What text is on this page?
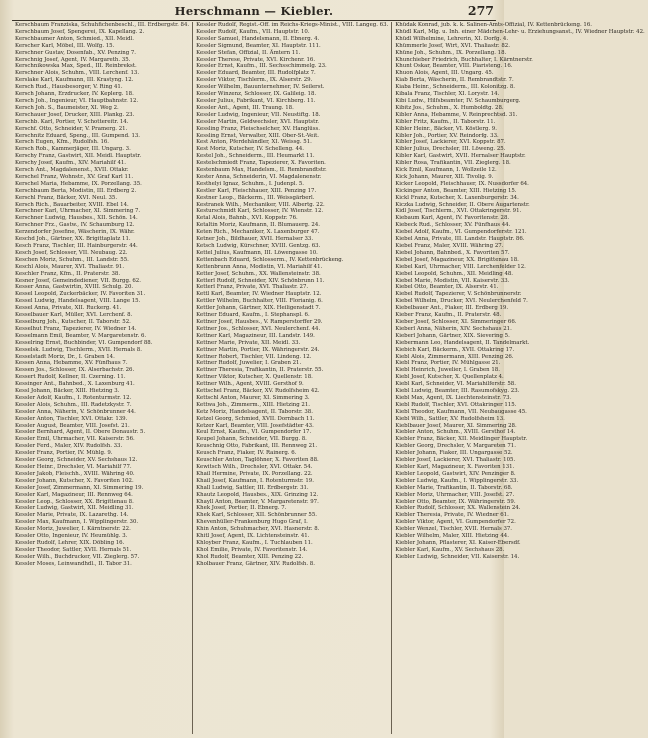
Herschmann — Kiebler.	277

Kerschbaum Franziska, Schuhfichenbeschl., III. Erdbergstr. 84.

Kerschbaum Josef, Spengerei, IX. Kapellang. 2.

Kerschbaumer Anton, Schmied., XII. Meidl.

Kerscher Karl, Möbel, III. Wolfg. 15.

Kerschner Gustav, Dosenfab., XV. Penzing 7.

Kerschnig Josef, Agent, IV. Margareth. 35.

Kerschnikowska Max, Sped., III. Reinbrekst.

Kerschner Alois, Schuhm., VIII. Lerchenf. 13.

Kerslake Karl, Kaufmann, III. Krastyng. 12.

Kersch Rud., Hausbesorger, V. Ring 41.

Kersch Johann, Erzdrucker, IV. Keplerg. 18.

Kersch Joh., Ingenieur, VI. Hauptbahnstr. 12.

Kersch Joh. S., Baumeister, XI. Weg 2.

Kerschauer Josef, Drucker, XIII. Plankg. 23.

Kerschb. Karl, Portier, V. Schottereitr. 14.

Kerschf. Otto, Schneider, V. Pramerg. 21.

Kerschnitz Eduard, Speng., III. Gumpend. 13.

Kersch Eugen, Kfm., Rudolfsh. 16.

Kersch Rob., Kammerjäger, III. Ungarg. 3.

Kerschy Franz, Gastwirt, XII. Meidl. Hauptstr.

Kerschy Josef, Kaufm., XIV. Mariahilf 41.

Kersch Ant., Magdalenenst., XVII. Ottakr.

Kerschel Franz, Wohnstr., XV. Graf Karl 11.

Kerschel Maria, Hebamme, IX. Porzellang. 35.

Kerschbaum Berta, Modistin, III. Erdberg 2.

Kerschl Franz, Bäcker, XVI. Neul. 35.

Kersch Rich., Bauarbeiter, XVIII. Ebel 14.

Kerschner Karl, Uhrmacher, XI. Simmering 7.

Kerschner Ludwig, Hausbes., XII. Schön. 14.

Kerschner Frz., Gastw., IV. Schaumburg 12.

Kerzendorfer Josefine, Wäscherin, IX. Währ.

Keschd Joh., Gärtner, XX. Brigittaplatz 11.

Kesch Franz, Tischler, III. Hainburgerstr. 44.

Kesch Josef, Schlosser, VII. Neubaug. 22.

Keschen Moriz, Schuhm., III. Landstr. 55.

Keschl Alois, Maurer, XVI. Thaliastr. 91.

Keschler Franz, Kfm., II. Praterstr. 38.

Kesner Josef, Gemeindediener, VII. Burgg. 62.

Kesser Anna, Gastwirtin, XVIII. Schulg. 20.

Kessel Leopold, Zuckerbäcker, IV. Favoriten 31.

Kessel Ludwig, Handelsagent, VIII. Lange 15.

Kessel Anna, Private, XII. Ruckerg. 41.

Kesselbauer Karl, Müller, XVI. Lerchenf. 8.

Kesselburg Joh., Kutscher, II. Taborstr. 52.

Kesselhut Franz, Tapezierer, IV. Wiedner 14.

Kesselmann Emil, Beamter, V. Margaretenstr. 6.

Kesselring Ernst, Buchbinder, VI. Gumpendorf 88.

Kesselsk. Ludwig, Tischlerm., XVII. Hernals 8.

Kesselstadt Moriz, Dr., I. Graben 14.

Kessen Anna, Hebamme, XV. Fünfhaus 7.

Kessen Jos., Schlosser, IX. Alserbachstr. 26.

Kessert Rudolf, Kellner, II. Czerning. 11.

Kessinger Ant., Bahnbed., X. Laxenburg 41.

Kessl Johann, Bäcker, XIII. Hietzing 3.

Kessler Adolf, Kaufm., I. Rotenturmstr. 12.

Kessler Alois, Schuhm., III. Radetzkystr. 7.

Kessler Anna, Näherin, V. Schönbrunner 44.

Kessler Anton, Tischler, XVI. Ottakr. 139.

Kessler August, Beamter, VIII. Josefst. 21.

Kessler Bernhard, Agent, II. Obere Donaustr. 5.

Kessler Emil, Uhrmacher, VII. Kaiserstr. 56.

Kessler Ferd., Maler, XIV. Rudolfsh. 33.

Kessler Franz, Portier, IV. Mühlg. 9.

Kessler Georg, Schneider, XV. Sechshaus 12.

Kessler Heinr., Drechsler, VI. Mariahilf 77.

Kessler Jakob, Fleischh., XVIII. Währing 40.

Kessler Johann, Kutscher, X. Favoriten 102.

Kessler Josef, Zimmermann, XI. Simmering 19.

Kessler Karl, Magazineur, III. Rennweg 64.

Kessler Leop., Schlosser, XX. Brigittenau 8.

Kessler Ludwig, Gastwirt, XII. Meidling 31.

Kessler Marie, Private, IX. Lazarethg. 14.

Kessler Max, Kaufmann, I. Wipplingerstr. 30.

Kessler Moriz, Juwelier, I. Kärntnerstr. 22.

Kessler Otto, Ingenieur, IV. Heumühlg. 3.

Kessler Rudolf, Lehrer, XIX. Döbling 16.

Kessler Theodor, Sattler, XVII. Hernals 51.

Kessler Wilh., Buchdrucker, VII. Zieglerg. 57.

Kessler Moses, Leinwandhdl., II. Tabor 31.

Kessler Rudolf, Regist.-Off. im Reichs-Kriegs-Minist., VIII. Langeg. 63.

Kessler Rudolf, Kaufm., VII. Hauptstr. 10.

Kessler Samuel, Handelsmann, II. Ebnerg. 4.

Kessler Sigmund, Beamter, XI. Hauptstr. 111.

Kessler Stefan, Offizial, II. Ämtern 11.

Kessler Therese, Private, XVI. Kirchenr. 16.

Kessler Ernst, Kaufm., III. Sechsschimmelg. 23.

Kessler Eduard, Beamter, III. Rudolfplatz 7.

Kessler Viktor, Tischlerm., IX. Alserstr. 29.

Kessler Wilhelm, Bauunternehmer, IV. Seilerst.

Kessler Winzenz, Schlosser, IX. Galileig. 18.

Kessler Julius, Fabrikant, VI. Kirchberg. 11.

Kessler Ant., Agent, III. Traung. 18.

Kessler Ludwig, Ingenieur, VII. Neustiftg. 18.

Kessler Martin, Geldwechsler, XVI. Hauptstr.

Kessling Franz, Fleischselcher, XV. Hanglüss.

Kessling Ernst, Verwalter, XIII. Ober-St.-Veit.

Kest Anton, Pferdehändler, XI. Weissg. 51.

Kest Moriz, Kutscher, IV. Schelleng. 44.

Kestel Joh., Schneiderm., III. Heumarkt 11.

Kestelschmiedt Franz, Tapezierer, X. Favoriten.

Kestenbaum Max, Handelsm., II. Rembrandtstr.

Kester Anna, Schneiderin, VI. Magdalenenstr.

Kesthelyi Ignaz, Schuhm., I. Judenpl. 5.

Kestler Karl, Fleischhauer, XIII. Penzing 17.

Kestner Leop., Bäckerm., III. Weissgärberl.

Kestranek Wilh., Mechaniker, VIII. Albertg. 22.

Kesturschmidt Karl, Schlosser, IV. Wienstr. 12.

Ketal Alois, Bahnb., XVI. Koppstr. 76.

Ketaltin Moriz, Kaufmann, II. Blumauerg. 24.

Keten Rich., Mechaniker, X. Laxenburger 47.

Ketner Joh., Bildhauer, XVII. Hernalser 33.

Ketsch Ludwig, Kürschner, XVIII. Gentzg. 63.

Kettel Julius, Kaufmann, III. Löwengasse 10.

Kettenbach Eduard, Schlosserm., IV. Kettenbrückeng.

Kettenbrunn Anna, Modistin, VI. Mariahilf 41.

Ketter Josef, Schuhm., XX. Wallensteinstr. 38.

Ketterl Rudolf, Schneider, XIV. Schönbrunn 11.

Ketterl Franz, Private, XVI. Thaliastr. 27.

Kettl Karl, Beamter, IV. Wiedner Hauptstr. 12.

Kettler Wilhelm, Buchhalter, VIII. Florianig. 6.

Kettler Johann, Gärtner, XIX. Heiligenstadt 7.

Kettner Eduard, Kaufm., I. Stephanspl. 6.

Kettner Josef, Hausbes., V. Ramperstorffer 29.

Kettner Jos., Schlosser, XVI. Neulerchenf. 44.

Kettner Karl, Magazineur, III. Landstr. 149.

Kettner Marie, Private, XII. Meidl. 33.

Kettner Martin, Portier, IX. Währingerstr. 24.

Kettner Robert, Tischler, VII. Lindeng. 12.

Kettner Rudolf, Juwelier, I. Graben 21.

Kettner Theresia, Trafikantin, II. Praterstr. 55.

Kettner Viktor, Kutscher, X. Quellenstr. 18.

Kettner Wilh., Agent, XVIII. Gersthof 9.

Kettschel Franz, Bäcker, XV. Rudolfsheim 42.

Kettschl Anton, Maurer, XI. Simmering 3.

Kettwa Joh., Zimmerm., XIII. Hietzing 21.

Ketz Moriz, Handelsagent, II. Taborstr. 38.

Ketzel Georg, Schmied, XVII. Dornbach 11.

Ketzer Karl, Beamter, VIII. Josefstädter 43.

Keul Ernst, Kaufm., VI. Gumpendorfer 17.

Keupel Johann, Schneider, VII. Burgg. 8.

Keuschnig Otto, Fabrikant, III. Rennweg 21.

Keusch Franz, Fiaker, IV. Rainerg. 6.

Keuschler Anton, Taglöhner, X. Favoriten 88.

Kewitsch Wilh., Drechsler, XVI. Ottakr. 54.

Khail Hermine, Private, IX. Porzellang. 22.

Khail Josef, Kaufmann, I. Rotenturmstr. 19.

Khall Ludwig, Sattler, III. Erdbergstr. 31.

Khautz Leopold, Hausbes., XIX. Grinzing 12.

Khayll Anton, Beamter, V. Margaretenstr. 97.

Khek Josef, Portier, II. Ebnerg. 7.

Khek Karl, Schlosser, XII. Schönbrunner 55.

Khevenhüller-Frankenburg Hugo Graf, I.

Khin Anton, Schuhmacher, XVI. Hasnerstr. 8.

Khitl Josef, Agent, IX. Lichtensteinstr. 41.

Khloyber Franz, Kaufm., I. Tuchlauben 11.

Khol Emilie, Private, IV. Favoritenstr. 14.

Khol Rudolf, Beamter, XIII. Penzing 22.

Kholbauer Franz, Gärtner, XIV. Rudolfsh. 8.

Khüdak Konrad, jub. k. k. Salinen-Amts-Offizial, IV. Kettenbrückeng. 16.

Khüdl Karl, Mlg. u. Inh. einer Mädchen-Lehr- u. Erziehungsanst., IV. Wiedner Hauptstr. 42.

Khüdl Wilhelmine, Lehrerin, XI. Dorfg. 4.

Khümmerle Josef, Wirt, XVI. Thaliastr. 82.

Khüne Joh., Schuhm., IX. Porzellang. 18.

Khunchieber Friedrich, Buchhalter, I. Kärntnerstr.

Khunt Oskar, Beamter, VIII. Piaristeng. 16.

Khuon Alois, Agent, III. Ungarg. 45.

Kiab Berta, Wäscherin, II. Rembrandtstr. 7.

Kiaba Heinr., Schneiderm., III. Kolonitzg. 8.

Kibala Franz, Tischler, XI. Lorystr. 14.

Kibi Ludw., Hilfsbeamter, IV. Schaumburgerg.

Kibitz Jos., Schuhm., X. Humboldtg. 28.

Kibler Anna, Hebamme, V. Reinprechtsd. 31.

Kibler Fritz, Kaufm., II. Taborstr. 11.

Kibler Heinr., Bäcker, VI. Köstlerg. 9.

Kibler Joh., Portier, XV. Reindorfg. 33.

Kibler Josef, Lackierer, XVI. Koppstr. 87.

Kibler Julius, Drechsler, III. Löweng. 25.

Kibler Karl, Gastwirt, XVII. Hernalser Hauptstr.

Kibler Rosa, Trafikantin, VII. Zieglerg. 18.

Kick Emil, Kaufmann, I. Wollzeile 12.

Kick Johann, Maurer, XII. Tivolig. 9.

Kicker Leopold, Fleischhauer, IX. Nussdorfer 64.

Kickinger Anton, Beamter, XIII. Hietzing 15.

Kickl Franz, Kutscher, X. Laxenburgerstr. 34.

Kiczka Ludwig, Schneider, II. Obere Augartenstr.

Kidl Josef, Tischlerm., XVI. Ottakringerstr. 91.

Kiebaum Karl, Agent, IV. Favoritenstr. 28.

Kiebeck Rud., Schlosser, XV. Fünfhaus 44.

Kiebel Adolf, Kaufm., VI. Gumpendorferstr. 121.

Kiebel Anna, Private, III. Landstr. Hauptstr. 86.

Kiebel Franz, Maler, XVIII. Währing 27.

Kiebel Johann, Bahnbed., X. Favoriten 57.

Kiebel Josef, Magazineur, XX. Brigittenau 18.

Kiebel Karl, Uhrmacher, VIII. Lerchenfelder 12.

Kiebel Leopold, Schuhm., XII. Meidling 48.

Kiebel Marie, Modistin, VII. Kaiserstr. 33.

Kiebel Otto, Beamter, IX. Alserstr. 41.

Kiebel Rudolf, Tapezierer, V. Schönbrunnerstr.

Kiebel Wilhelm, Drucker, XVI. Neulerchenfeld 7.

Kiebelbauer Ant., Fiaker, III. Erdberg 19.

Kieber Franz, Kaufm., II. Praterstr. 48.

Kieber Josef, Schlosser, XI. Simmeringer 66.

Kieberl Anna, Näherin, XIV. Sechshaus 21.

Kieberl Johann, Gärtner, XIX. Sievering 5.

Kiebermann Leo, Handelsagent, II. Tandelmarkt.

Kiebich Karl, Bäckerm., XVII. Ottakring 17.

Kiebl Alois, Zimmermann, XIII. Penzing 26.

Kiebl Franz, Portier, IV. Mühlgasse 21.

Kiebl Heinrich, Juwelier, I. Graben 18.

Kiebl Josef, Kutscher, X. Quellenplatz 4.

Kiebl Karl, Schneider, VI. Mariahilferstr. 58.

Kiebl Ludwig, Beamter, III. Rasumofskyg. 23.

Kiebl Max, Agent, IX. Liechtensteinstr. 73.

Kiebl Rudolf, Tischler, XVI. Ottakringer 115.

Kiebl Theodor, Kaufmann, VII. Neubaugasse 45.

Kiebl Wilh., Sattler, XV. Rudolfsheim 13.

Kieblbauer Josef, Maurer, XI. Simmering 28.

Kiebler Anton, Schuhm., XVIII. Gersthof 14.

Kiebler Franz, Bäcker, XII. Meidlinger Hauptstr.

Kiebler Georg, Drechsler, V. Margareten 71.

Kiebler Johann, Fiaker, III. Ungargasse 52.

Kiebler Josef, Lackierer, XVI. Thaliastr. 105.

Kiebler Karl, Magazineur, X. Favoriten 131.

Kiebler Leopold, Gastwirt, XIV. Penzinger 8.

Kiebler Ludwig, Kaufm., I. Wipplingerstr. 33.

Kiebler Marie, Trafikantin, II. Taborstr. 68.

Kiebler Moriz, Uhrmacher, VIII. Josefst. 27.

Kiebler Otto, Beamter, IX. Währingerstr. 59.

Kiebler Rudolf, Schlosser, XX. Wallenstein 24.

Kiebler Theresia, Private, IV. Wiedner 61.

Kiebler Viktor, Agent, VI. Gumpendorfer 72.

Kiebler Wenzel, Tischler, XVII. Hernals 37.

Kiebler Wilhelm, Maler, XIII. Hietzing 44.

Kiebler Johann, Pflasterer, XI. Kaiser-Ebersdf.

Kiebler Karl, Kaufm., XV. Sechshaus 28.

Kiebler Ludwig, Schneider, VII. Kaiserstr. 14.
